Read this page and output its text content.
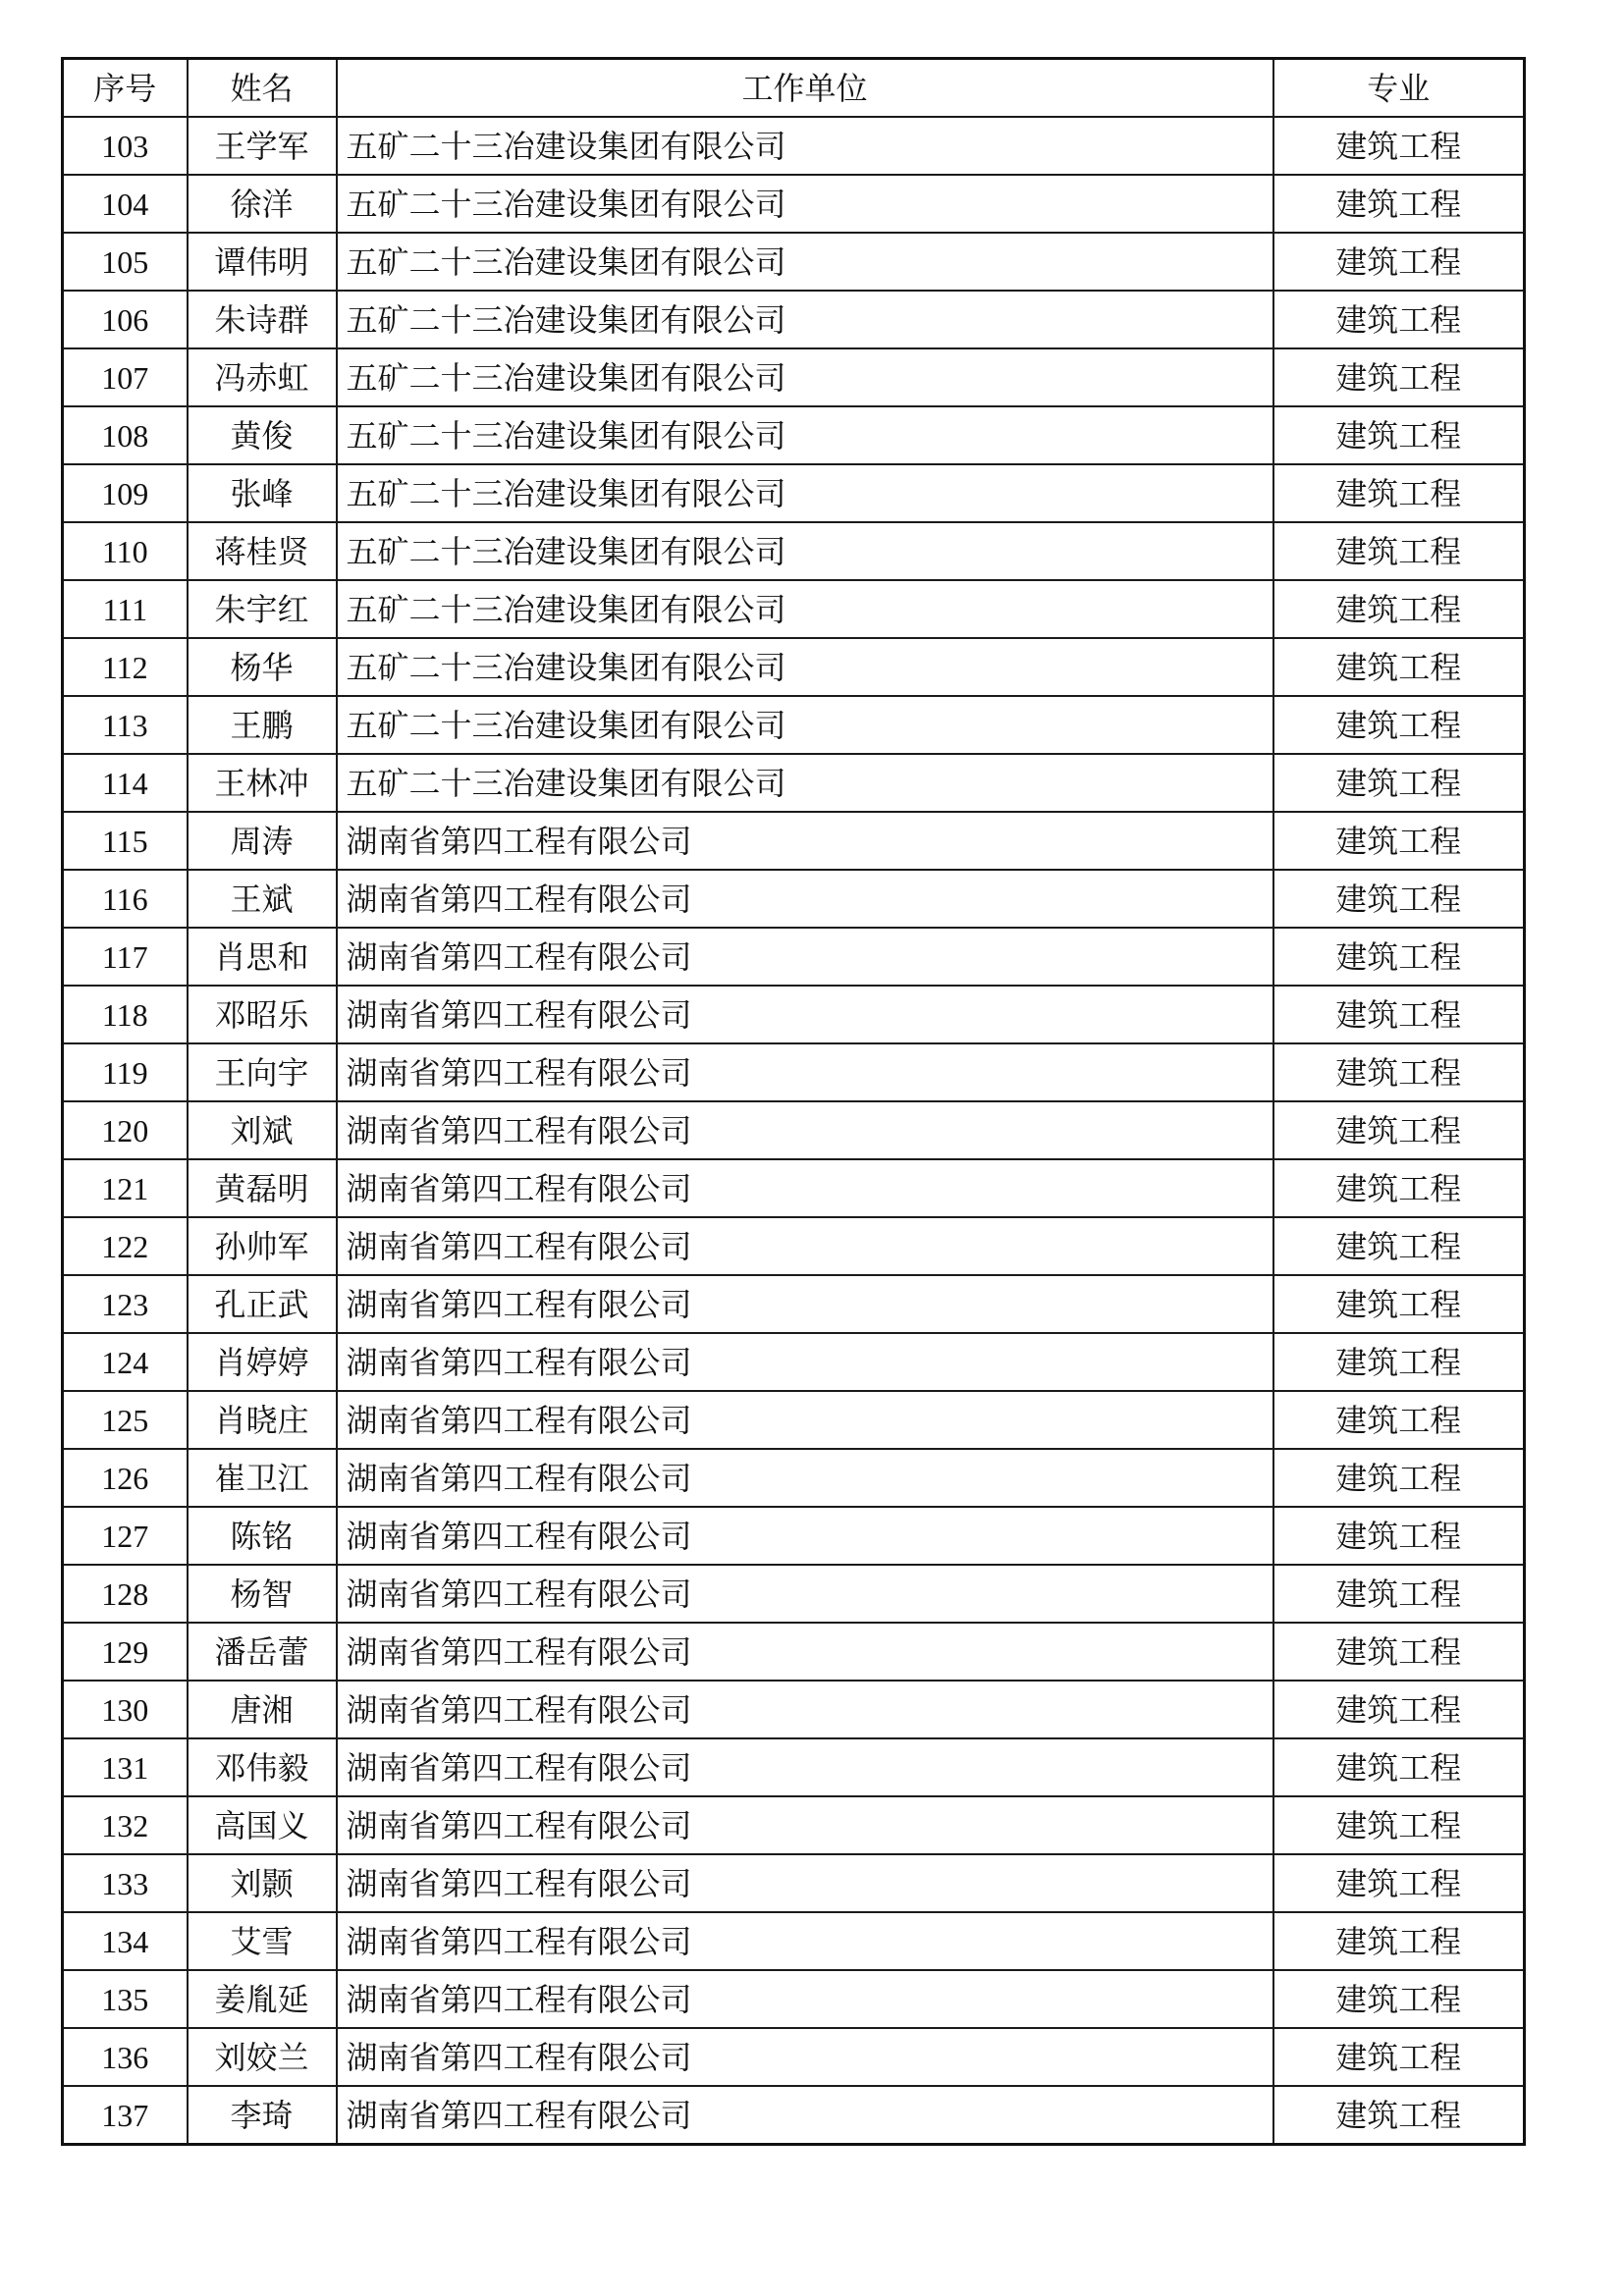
序号	姓名	工作单位	专业
103	王学军	五矿二十三冶建设集团有限公司	建筑工程
104	徐洋	五矿二十三冶建设集团有限公司	建筑工程
105	谭伟明	五矿二十三冶建设集团有限公司	建筑工程
106	朱诗群	五矿二十三冶建设集团有限公司	建筑工程
107	冯赤虹	五矿二十三冶建设集团有限公司	建筑工程
108	黄俊	五矿二十三冶建设集团有限公司	建筑工程
109	张峰	五矿二十三冶建设集团有限公司	建筑工程
110	蒋桂贤	五矿二十三冶建设集团有限公司	建筑工程
111	朱宇红	五矿二十三冶建设集团有限公司	建筑工程
112	杨华	五矿二十三冶建设集团有限公司	建筑工程
113	王鹏	五矿二十三冶建设集团有限公司	建筑工程
114	王林冲	五矿二十三冶建设集团有限公司	建筑工程
115	周涛	湖南省第四工程有限公司	建筑工程
116	王斌	湖南省第四工程有限公司	建筑工程
117	肖思和	湖南省第四工程有限公司	建筑工程
118	邓昭乐	湖南省第四工程有限公司	建筑工程
119	王向宇	湖南省第四工程有限公司	建筑工程
120	刘斌	湖南省第四工程有限公司	建筑工程
121	黄磊明	湖南省第四工程有限公司	建筑工程
122	孙帅军	湖南省第四工程有限公司	建筑工程
123	孔正武	湖南省第四工程有限公司	建筑工程
124	肖婷婷	湖南省第四工程有限公司	建筑工程
125	肖晓庄	湖南省第四工程有限公司	建筑工程
126	崔卫江	湖南省第四工程有限公司	建筑工程
127	陈铭	湖南省第四工程有限公司	建筑工程
128	杨智	湖南省第四工程有限公司	建筑工程
129	潘岳蕾	湖南省第四工程有限公司	建筑工程
130	唐湘	湖南省第四工程有限公司	建筑工程
131	邓伟毅	湖南省第四工程有限公司	建筑工程
132	高国义	湖南省第四工程有限公司	建筑工程
133	刘颢	湖南省第四工程有限公司	建筑工程
134	艾雪	湖南省第四工程有限公司	建筑工程
135	姜胤延	湖南省第四工程有限公司	建筑工程
136	刘姣兰	湖南省第四工程有限公司	建筑工程
137	李琦	湖南省第四工程有限公司	建筑工程
